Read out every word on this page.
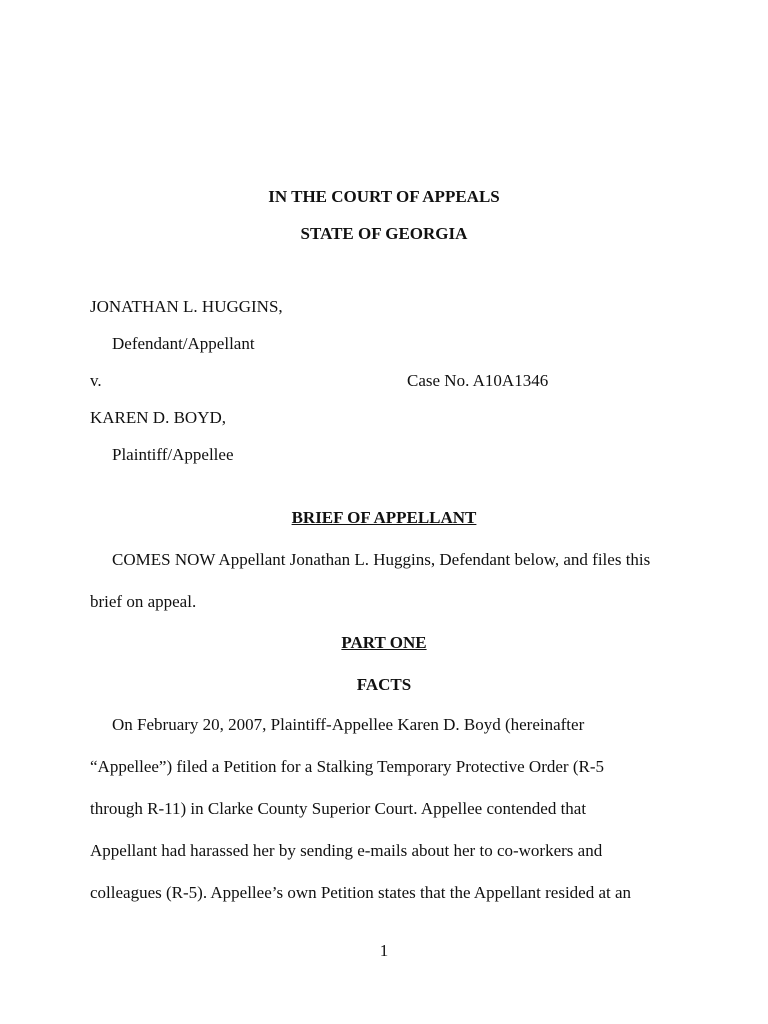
IN THE COURT OF APPEALS
STATE OF GEORGIA
JONATHAN L. HUGGINS,
Defendant/Appellant
v.	Case No. A10A1346
KAREN D. BOYD,
Plaintiff/Appellee
BRIEF OF APPELLANT
COMES NOW Appellant Jonathan L. Huggins, Defendant below, and files this
brief on appeal.
PART ONE
FACTS
On February 20, 2007, Plaintiff-Appellee Karen D. Boyd (hereinafter
“Appellee”) filed a Petition for a Stalking Temporary Protective Order (R-5
through R-11) in Clarke County Superior Court. Appellee contended that
Appellant had harassed her by sending e-mails about her to co-workers and
colleagues (R-5). Appellee’s own Petition states that the Appellant resided at an
1
